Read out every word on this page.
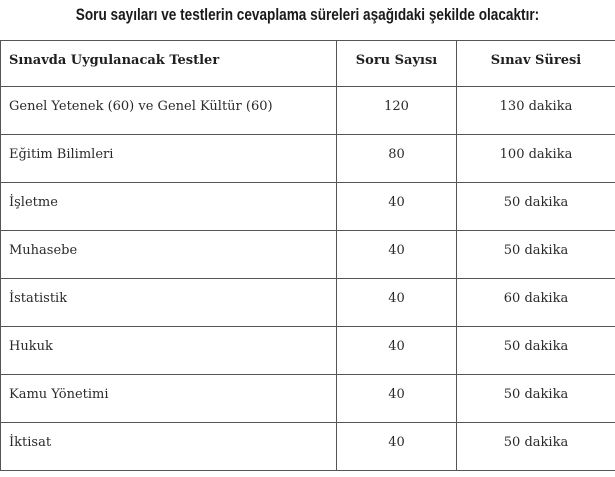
Soru sayıları ve testlerin cevaplama süreleri aşağıdaki şekilde olacaktır:
Sınavda Uygulanacak Testler	Soru Sayısı	Sınav Süresi
Genel Yetenek (60) ve Genel Kültür (60)	120	130 dakika
Eğitim Bilimleri	80	100 dakika
İşletme	40	50 dakika
Muhasebe	40	50 dakika
İstatistik	40	60 dakika
Hukuk	40	50 dakika
Kamu Yönetimi	40	50 dakika
İktisat	40	50 dakika
